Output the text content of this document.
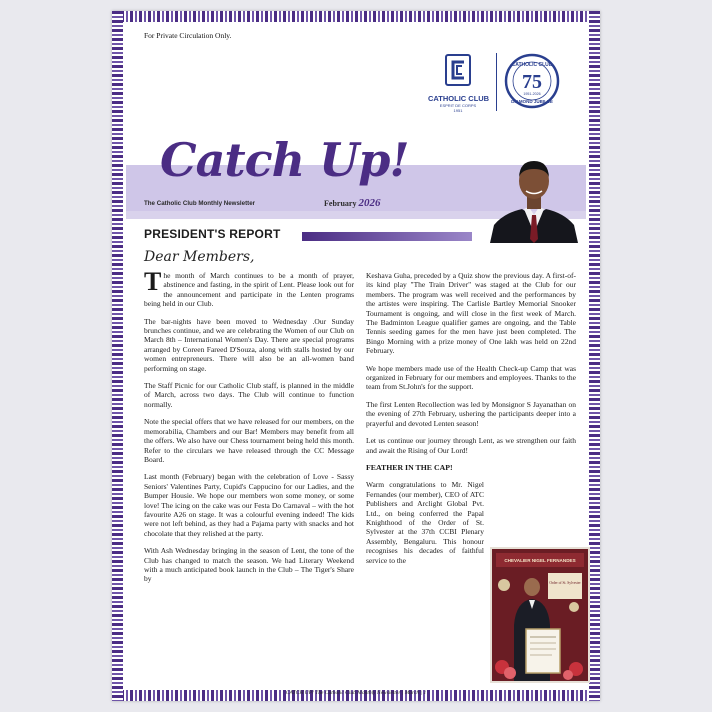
For Private Circulation Only.
CATHOLIC CLUB
ESPRIT DE CORPS
1951
CATHOLIC CLUB
75
1951-2026
DIAMOND JUBILEE
Catch Up!
The Catholic Club Monthly Newsletter	February 2026
PRESIDENT'S REPORT
Dear Members,

The month of March continues to be a month of prayer, abstinence and fasting, in the spirit of Lent. Please look out for the announcement and participate in the Lenten programs being held in our Club.

The bar-nights have been moved to Wednesday .Our Sunday brunches continue, and we are celebrating the Women of our Club on March 8th – International Women's Day. There are special programs arranged by Coreen Fareed D'Souza, along with stalls hosted by our women entrepreneurs. There will also be an all-women band performing on stage.

The Staff Picnic for our Catholic Club staff, is planned in the middle of March, across two days. The Club will continue to function normally.

Note the special offers that we have released for our members, on the memorabilia, Chambers and our Bar! Members may benefit from all the offers. We also have our Chess tournament being held this month. Refer to the circulars we have released through the CC Message Board.

Last month (February) began with the celebration of Love - Sassy Seniors' Valentines Party, Cupid's Cappucino for our Ladies, and the Bumper Housie. We hope our members won some money, or some love! The icing on the cake was our Festa Do Carnaval – with the hot favourite A26 on stage. It was a colourful evening indeed! The kids were not left behind, as they had a Pajama party with snacks and hot chocolate that they relished at the party.

With Ash Wednesday bringing in the season of Lent, the tone of the Club has changed to match the season. We had Literary Weekend with a much anticipated book launch in the Club – The Tiger's Share by

Keshava Guha, preceded by a Quiz show the previous day. A first-of-its kind play "The Train Driver" was staged at the Club for our members. The program was well received and the performances by the artistes were inspiring. The Carlisle Bartley Memorial Snooker Tournament is ongoing, and will close in the first week of March. The Badminton League qualifier games are ongoing, and the Table Tennis seeding games for the men have just been completed. The Bingo Morning with a prize money of One lakh was held on 22nd February.

We hope members made use of the Health Check-up Camp that was organized in February for our members and employees. Thanks to the team from St.John's for the support.

The first Lenten Recollection was led by Monsignor S Jayanathan on the evening of 27th February, ushering the participants deeper into a prayerful and devoted Lenten season!

Let us continue our journey through Lent, as we strengthen our faith and await the Rising of Our Lord!

FEATHER IN THE CAP!

Warm congratulations to Mr. Nigel Fernandes (our member), CEO of ATC Publishers and Arclight Global Pvt. Ltd., on being conferred the Papal Knighthood of the Order of St. Sylvester at the 37th CCBI Plenary Assembly, Bengaluru. This honour recognises his decades of faithful service to the	CHEVALIER NIGEL FERNANDES
Order of St. Sylvester
CATCH UP! The Catholic Club Monthly Newsletter | March | 1
